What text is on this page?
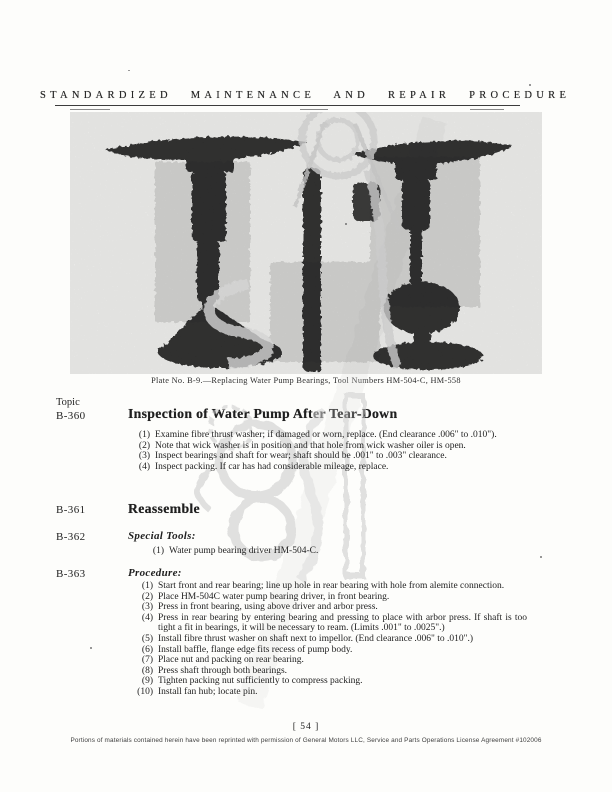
STANDARDIZED MAINTENANCE AND REPAIR PROCEDURE
Plate No. B-9.—Replacing Water Pump Bearings, Tool Numbers HM-504-C, HM-558
Topic
B-360	Inspection of Water Pump After Tear-Down
(1) Examine fibre thrust washer; if damaged or worn, replace. (End clearance .006" to .010").
(2) Note that wick washer is in position and that hole from wick washer oiler is open.
(3) Inspect bearings and shaft for wear; shaft should be .001" to .003" clearance.
(4) Inspect packing. If car has had considerable mileage, replace.
B-361	Reassemble
B-362	Special Tools:
(1) Water pump bearing driver HM-504-C.
B-363	Procedure:
(1) Start front and rear bearing; line up hole in rear bearing with hole from alemite connection.
(2) Place HM-504C water pump bearing driver, in front bearing.
(3) Press in front bearing, using above driver and arbor press.
(4) Press in rear bearing by entering bearing and pressing to place with arbor press. If shaft is too tight a fit in bearings, it will be necessary to ream. (Limits .001" to .0025".)
(5) Install fibre thrust washer on shaft next to impellor. (End clearance .006" to .010".)
(6) Install baffle, flange edge fits recess of pump body.
(7) Place nut and packing on rear bearing.
(8) Press shaft through both bearings.
(9) Tighten packing nut sufficiently to compress packing.
(10) Install fan hub; locate pin.
[ 54 ]
Portions of materials contained herein have been reprinted with permission of General Motors LLC, Service and Parts Operations License Agreement #102006
